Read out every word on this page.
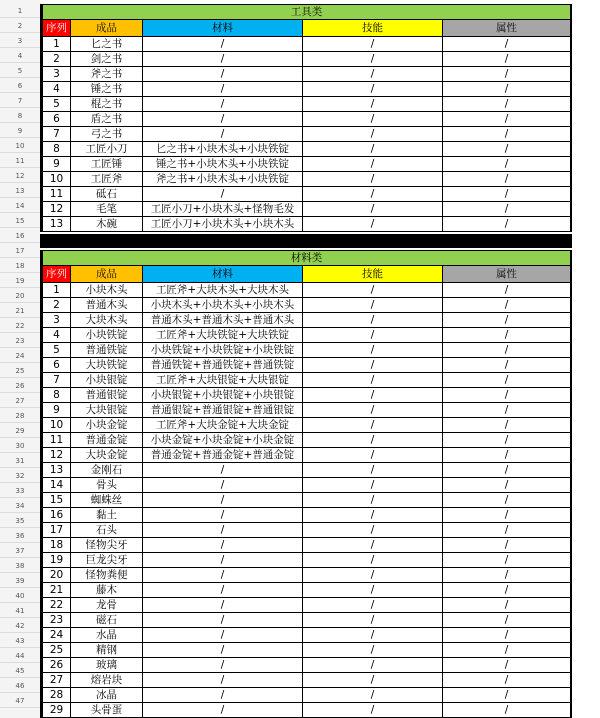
1
2
3
4
5
6
7
8
9
10
11
12
13
14
15
16
17
18
19
20
21
22
23
24
25
26
27
28
29
30
31
32
33
34
35
36
37
38
39
40
41
42
43
44
45
46
47
工具类				
序列	成品	材料	技能	属性
1	匕之书	/	/	/
2	剑之书	/	/	/
3	斧之书	/	/	/
4	锤之书	/	/	/
5	棍之书	/	/	/
6	盾之书	/	/	/
7	弓之书	/	/	/
8	工匠小刀	匕之书+小块木头+小块铁锭	/	/
9	工匠锤	锤之书+小块木头+小块铁锭	/	/
10	工匠斧	斧之书+小块木头+小块铁锭	/	/
11	砥石	/	/	/
12	毛笔	工匠小刀+小块木头+怪物毛发	/	/
13	木碗	工匠小刀+小块木头+小块木头	/	/
材料类				
序列	成品	材料	技能	属性
1	小块木头	工匠斧+大块木头+大块木头	/	/
2	普通木头	小块木头+小块木头+小块木头	/	/
3	大块木头	普通木头+普通木头+普通木头	/	/
4	小块铁锭	工匠斧+大块铁锭+大块铁锭	/	/
5	普通铁锭	小块铁锭+小块铁锭+小块铁锭	/	/
6	大块铁锭	普通铁锭+普通铁锭+普通铁锭	/	/
7	小块银锭	工匠斧+大块银锭+大块银锭	/	/
8	普通银锭	小块银锭+小块银锭+小块银锭	/	/
9	大块银锭	普通银锭+普通银锭+普通银锭	/	/
10	小块金锭	工匠斧+大块金锭+大块金锭	/	/
11	普通金锭	小块金锭+小块金锭+小块金锭	/	/
12	大块金锭	普通金锭+普通金锭+普通金锭	/	/
13	金刚石	/	/	/
14	骨头	/	/	/
15	蜘蛛丝	/	/	/
16	黏土	/	/	/
17	石头	/	/	/
18	怪物尖牙	/	/	/
19	巨龙尖牙	/	/	/
20	怪物粪便	/	/	/
21	藤木	/	/	/
22	龙骨	/	/	/
23	磁石	/	/	/
24	水晶	/	/	/
25	精钢	/	/	/
26	玻璃	/	/	/
27	熔岩块	/	/	/
28	冰晶	/	/	/
29	头骨蛋	/	/	/
